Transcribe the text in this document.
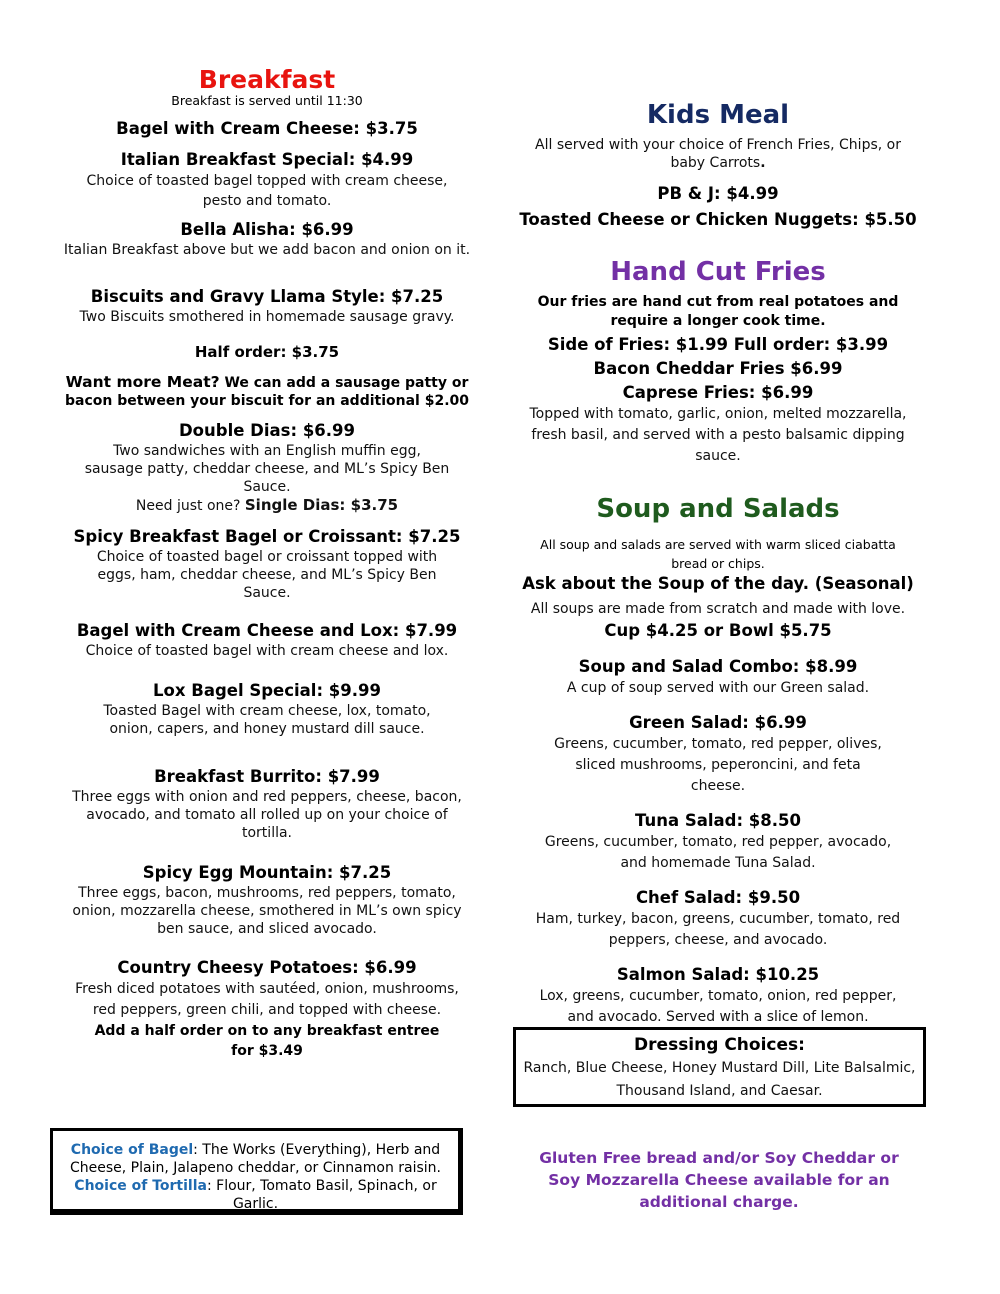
Breakfast
Breakfast is served until 11:30
Bagel with Cream Cheese: $3.75
Italian Breakfast Special: $4.99
Choice of toasted bagel topped with cream cheese, pesto and tomato.
Bella Alisha: $6.99
Italian Breakfast above but we add bacon and onion on it.
Biscuits and Gravy Llama Style: $7.25
Two Biscuits smothered in homemade sausage gravy.
Half order: $3.75
Want more Meat? We can add a sausage patty or bacon between your biscuit for an additional $2.00
Double Dias: $6.99
Two sandwiches with an English muffin egg, sausage patty, cheddar cheese, and ML’s Spicy Ben Sauce.
Need just one? Single Dias: $3.75
Spicy Breakfast Bagel or Croissant: $7.25
Choice of toasted bagel or croissant topped with eggs, ham, cheddar cheese, and ML’s Spicy Ben Sauce.
Bagel with Cream Cheese and Lox: $7.99
Choice of toasted bagel with cream cheese and lox.
Lox Bagel Special: $9.99
Toasted Bagel with cream cheese, lox, tomato, onion, capers, and honey mustard dill sauce.
Breakfast Burrito: $7.99
Three eggs with onion and red peppers, cheese, bacon, avocado, and tomato all rolled up on your choice of tortilla.
Spicy Egg Mountain: $7.25
Three eggs, bacon, mushrooms, red peppers, tomato, onion, mozzarella cheese, smothered in ML’s own spicy ben sauce, and sliced avocado.
Country Cheesy Potatoes: $6.99
Fresh diced potatoes with sautéed, onion, mushrooms, red peppers, green chili, and topped with cheese.
Add a half order on to any breakfast entree for $3.49
Choice of Bagel: The Works (Everything), Herb and Cheese, Plain, Jalapeno cheddar, or Cinnamon raisin. Choice of Tortilla: Flour, Tomato Basil, Spinach, or Garlic.
Kids Meal
All served with your choice of French Fries, Chips, or baby Carrots.
PB & J: $4.99
Toasted Cheese or Chicken Nuggets: $5.50
Hand Cut Fries
Our fries are hand cut from real potatoes and require a longer cook time.
Side of Fries: $1.99 Full order: $3.99
Bacon Cheddar Fries $6.99
Caprese Fries: $6.99
Topped with tomato, garlic, onion, melted mozzarella, fresh basil, and served with a pesto balsamic dipping sauce.
Soup and Salads
All soup and salads are served with warm sliced ciabatta bread or chips.
Ask about the Soup of the day. (Seasonal)
All soups are made from scratch and made with love.
Cup $4.25 or Bowl $5.75
Soup and Salad Combo: $8.99
A cup of soup served with our Green salad.
Green Salad: $6.99
Greens, cucumber, tomato, red pepper, olives, sliced mushrooms, peperoncini, and feta cheese.
Tuna Salad: $8.50
Greens, cucumber, tomato, red pepper, avocado, and homemade Tuna Salad.
Chef Salad: $9.50
Ham, turkey, bacon, greens, cucumber, tomato, red peppers, cheese, and avocado.
Salmon Salad: $10.25
Lox, greens, cucumber, tomato, onion, red pepper, and avocado. Served with a slice of lemon.
Dressing Choices:
Ranch, Blue Cheese, Honey Mustard Dill, Lite Balsalmic, Thousand Island, and Caesar.
Gluten Free bread and/or Soy Cheddar or Soy Mozzarella Cheese available for an additional charge.
